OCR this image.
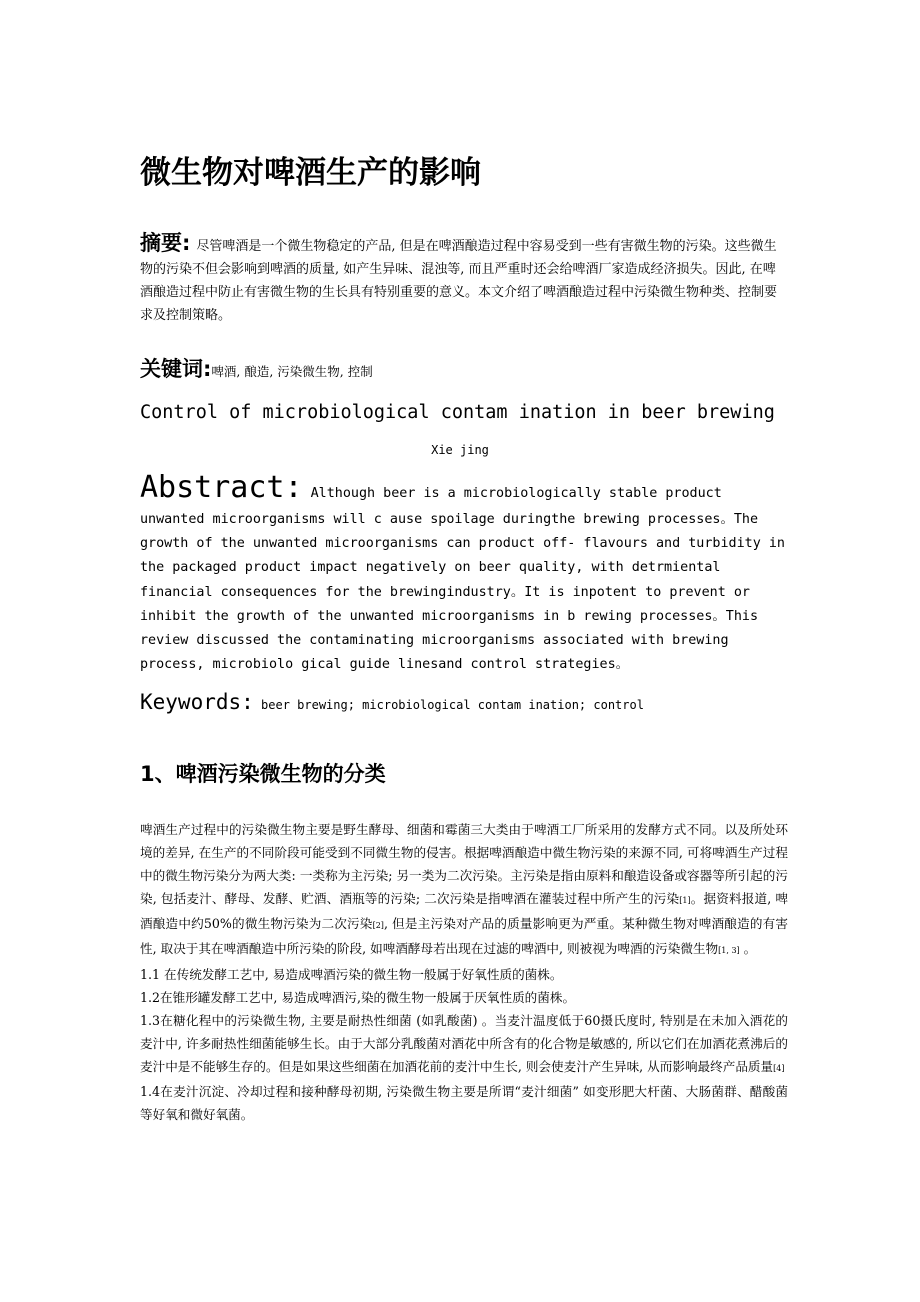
微生物对啤酒生产的影响
摘要: 尽管啤酒是一个微生物稳定的产品, 但是在啤酒酿造过程中容易受到一些有害微生物的污染。这些微生物的污染不但会影响到啤酒的质量, 如产生异味、混浊等, 而且严重时还会给啤酒厂家造成经济损失。因此, 在啤酒酿造过程中防止有害微生物的生长具有特别重要的意义。本文介绍了啤酒酿造过程中污染微生物种类、控制要求及控制策略。
关键词:啤酒, 酿造, 污染微生物, 控制
Control of microbiological contam ination in beer brewing
Xie jing
Abstract: Although beer is a microbiologically stable product unwanted microorganisms will c ause spoilage duringthe brewing processes。The growth of the unwanted microorganisms can product off- flavours and turbidity in the packaged product impact negatively on beer quality, with detrmiental financial consequences for the brewingindustry。It is inpotent to prevent or inhibit the growth of the unwanted microorganisms in b rewing processes。This review discussed the contaminating microorganisms associated with brewing process, microbiolo gical guide linesand control strategies。
Keywords: beer brewing; microbiological contam ination; control
1、啤酒污染微生物的分类

啤酒生产过程中的污染微生物主要是野生酵母、细菌和霉菌三大类由于啤酒工厂所采用的发酵方式不同。以及所处环境的差异, 在生产的不同阶段可能受到不同微生物的侵害。根据啤酒酿造中微生物污染的来源不同, 可将啤酒生产过程中的微生物污染分为两大类: 一类称为主污染; 另一类为二次污染。主污染是指由原料和酿造设备或容器等所引起的污染, 包括麦汁、酵母、发酵、贮酒、酒瓶等的污染; 二次污染是指啤酒在灌装过程中所产生的污染[1]。据资料报道, 啤酒酿造中约50%的微生物污染为二次污染[2], 但是主污染对产品的质量影响更为严重。某种微生物对啤酒酿造的有害性, 取决于其在啤酒酿造中所污染的阶段, 如啤酒酵母若出现在过滤的啤酒中, 则被视为啤酒的污染微生物[1, 3] 。

1.1 在传统发酵工艺中, 易造成啤酒污染的微生物一般属于好氧性质的菌株。

1.2在锥形罐发酵工艺中, 易造成啤酒污,染的微生物一般属于厌氧性质的菌株。

1.3在糖化程中的污染微生物, 主要是耐热性细菌 (如乳酸菌) 。当麦汁温度低于60摄氏度时, 特别是在未加入酒花的麦汁中, 许多耐热性细菌能够生长。由于大部分乳酸菌对酒花中所含有的化合物是敏感的, 所以它们在加酒花煮沸后的麦汁中是不能够生存的。但是如果这些细菌在加酒花前的麦汁中生长, 则会使麦汁产生异味, 从而影响最终产品质量[4]

1.4在麦汁沉淀、冷却过程和接种酵母初期, 污染微生物主要是所谓“麦汁细菌” 如变形肥大杆菌、大肠菌群、醋酸菌等好氧和微好氧菌。
